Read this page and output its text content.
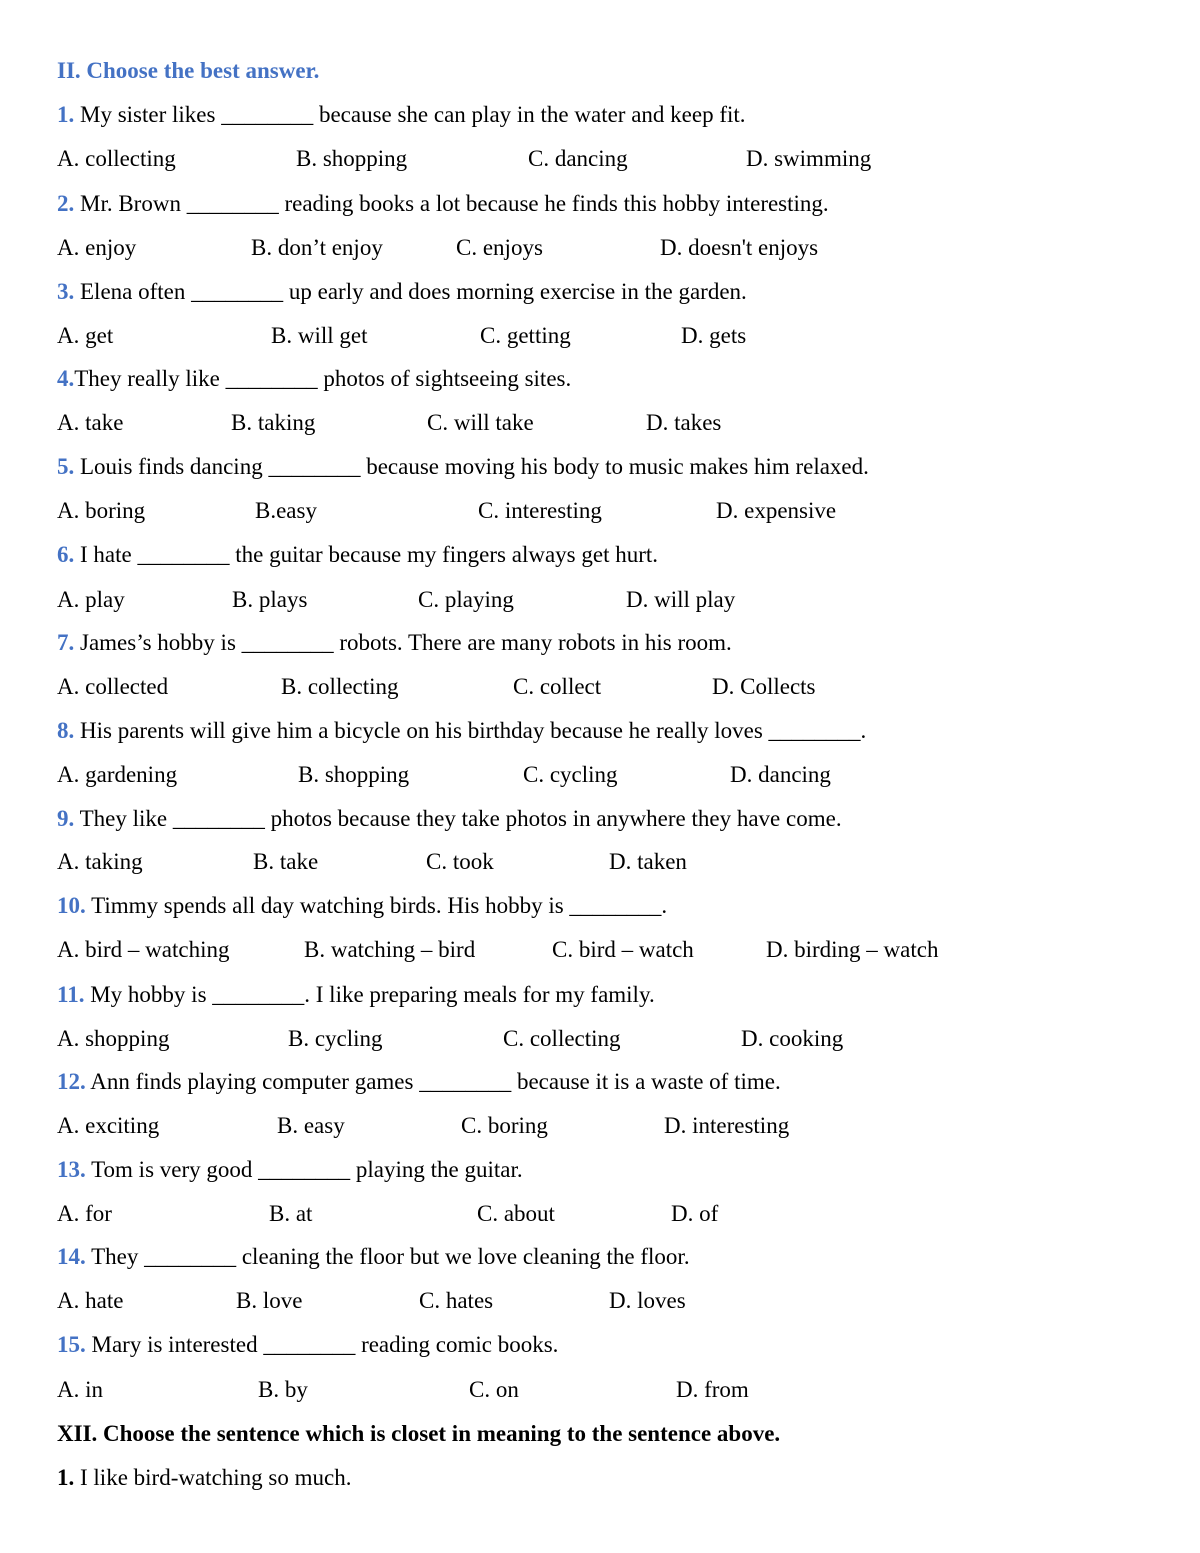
II. Choose the best answer.
1. My sister likes ________ because she can play in the water and keep fit.
A. collecting	B. shopping	C. dancing	D. swimming
2. Mr. Brown ________ reading books a lot because he finds this hobby interesting.
A. enjoy	B. don’t enjoy	C. enjoys	D. doesn't enjoys
3. Elena often ________ up early and does morning exercise in the garden.
A. get	B. will get	C. getting	D. gets
4.They really like ________ photos of sightseeing sites.
A. take	B. taking	C. will take	D. takes
5. Louis finds dancing ________ because moving his body to music makes him relaxed.
A. boring	B.easy	C. interesting	D. expensive
6. I hate ________ the guitar because my fingers always get hurt.
A. play	B. plays	C. playing	D. will play
7. James’s hobby is ________ robots. There are many robots in his room.
A. collected	B. collecting	C. collect	D. Collects
8. His parents will give him a bicycle on his birthday because he really loves ________.
A. gardening	B. shopping	C. cycling	D. dancing
9. They like ________ photos because they take photos in anywhere they have come.
A. taking	B. take	C. took	D. taken
10. Timmy spends all day watching birds. His hobby is ________.
A. bird – watching	B. watching – bird	C. bird – watch	D. birding – watch
11. My hobby is ________. I like preparing meals for my family.
A. shopping	B. cycling	C. collecting	D. cooking
12. Ann finds playing computer games ________ because it is a waste of time.
A. exciting	B. easy	C. boring	D. interesting
13. Tom is very good ________ playing the guitar.
A. for	B. at	C. about	D. of
14. They ________ cleaning the floor but we love cleaning the floor.
A. hate	B. love	C. hates	D. loves
15. Mary is interested ________ reading comic books.
A. in	B. by	C. on	D. from
XII. Choose the sentence which is closet in meaning to the sentence above.
1. I like bird-watching so much.
